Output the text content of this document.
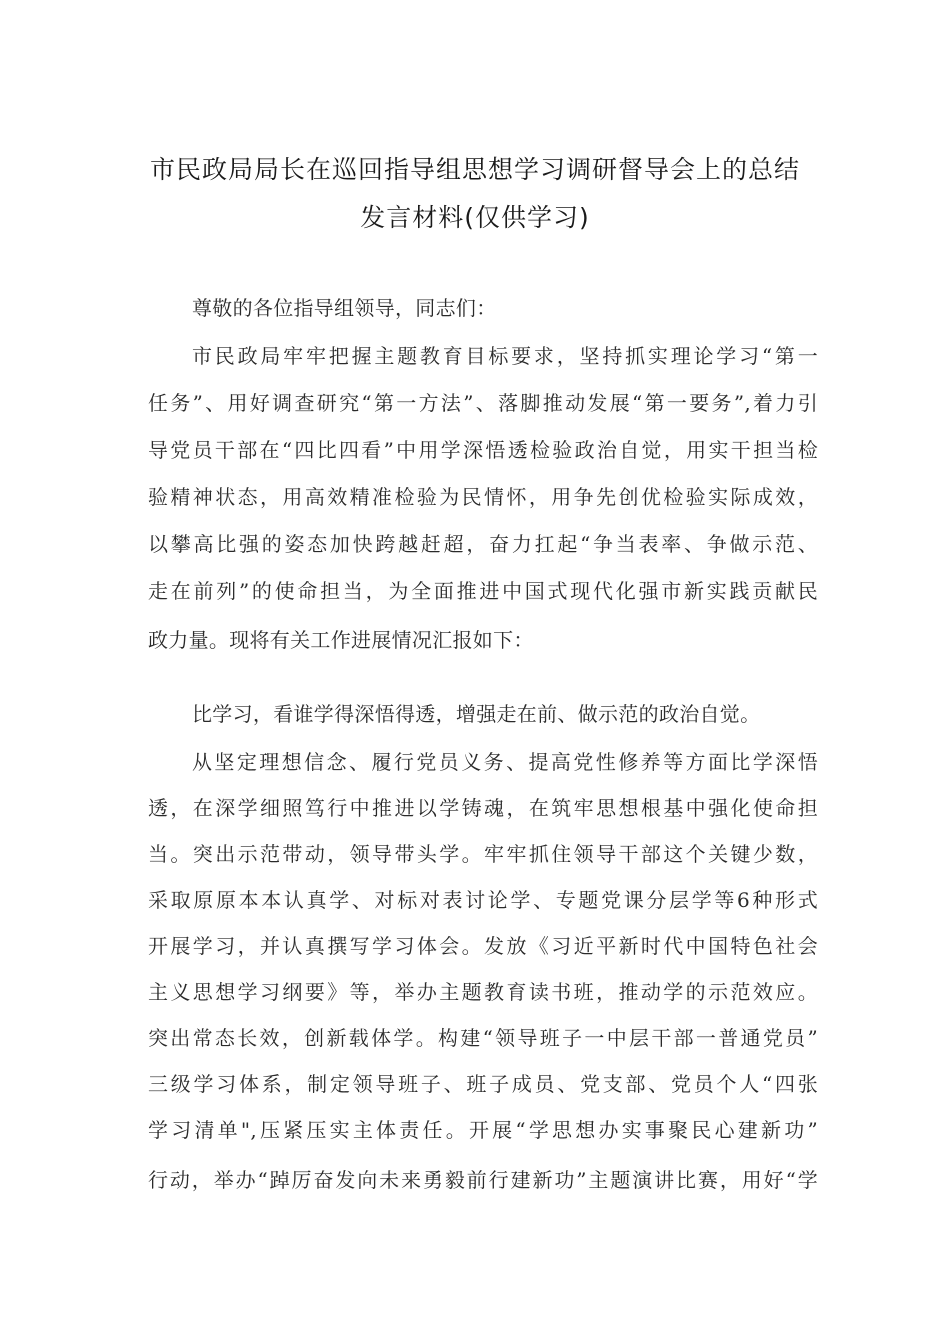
市民政局局长在巡回指导组思想学习调研督导会上的总结
发言材料(仅供学习)
尊敬的各位指导组领导，同志们：
市民政局牢牢把握主题教育目标要求，坚持抓实理论学习“第一
任务”、用好调查研究“第一方法”、落脚推动发展“第一要务”,着力引
导党员干部在“四比四看”中用学深悟透检验政治自觉，用实干担当检
验精神状态，用高效精准检验为民情怀，用争先创优检验实际成效，
以攀高比强的姿态加快跨越赶超，奋力扛起“争当表率、争做示范、
走在前列”的使命担当，为全面推进中国式现代化强市新实践贡献民
政力量。现将有关工作进展情况汇报如下：
比学习，看谁学得深悟得透，增强走在前、做示范的政治自觉。
从坚定理想信念、履行党员义务、提高党性修养等方面比学深悟
透，在深学细照笃行中推进以学铸魂，在筑牢思想根基中强化使命担
当。突出示范带动，领导带头学。牢牢抓住领导干部这个关键少数，
采取原原本本认真学、对标对表讨论学、专题党课分层学等6种形式
开展学习，并认真撰写学习体会。发放《习近平新时代中国特色社会
主义思想学习纲要》等，举办主题教育读书班，推动学的示范效应。
突出常态长效，创新载体学。构建“领导班子一中层干部一普通党员”
三级学习体系，制定领导班子、班子成员、党支部、党员个人“四张
学习清单",压紧压实主体责任。开展“学思想办实事聚民心建新功”
行动，举办“踔厉奋发向未来勇毅前行建新功”主题演讲比赛，用好“学
